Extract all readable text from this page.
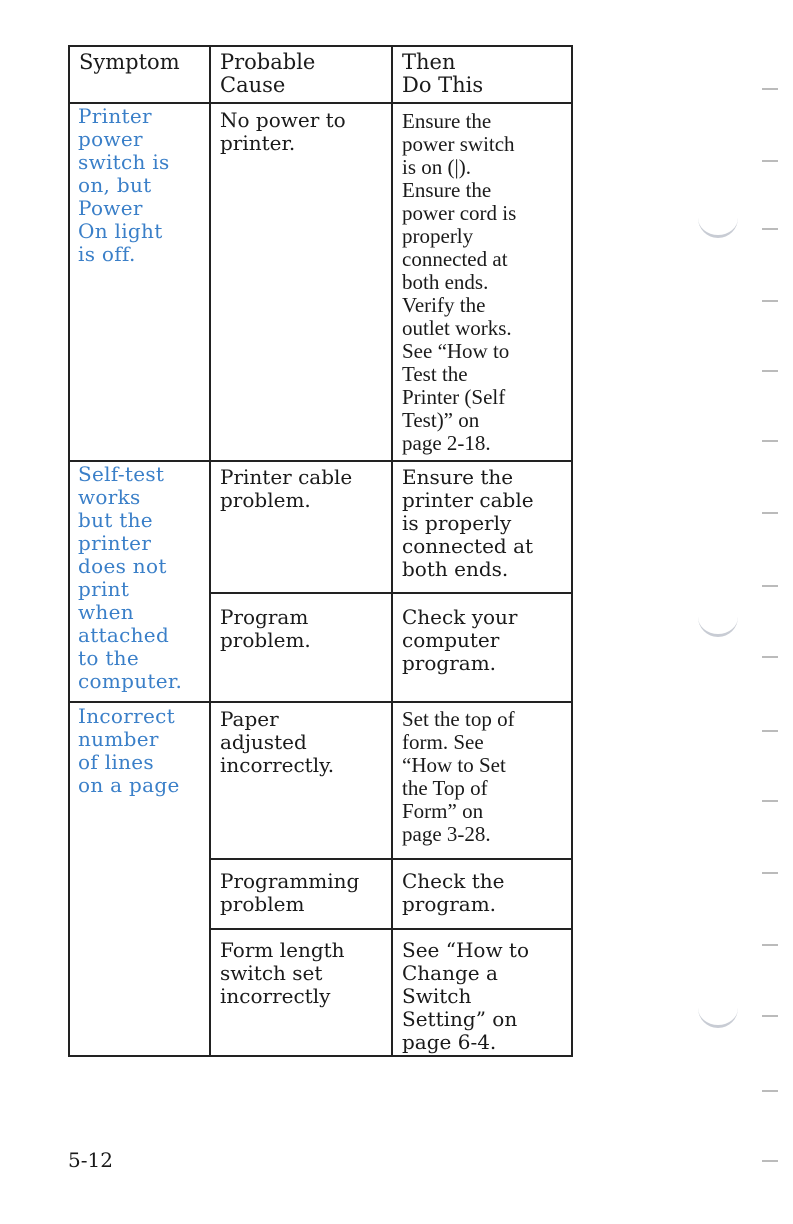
Symptom Probable
Cause

Then
Do This

Printer
power
switch is
on, but
Power
On light
is off.

No power to
printer.

Ensure the
power switch
is on (|).
Ensure the
power cord is
properly
connected at
both ends.
Verify the
outlet works.
See “How to
Test the
Printer (Self
Test)” on
page 2-18.

Self-test
works
but the
printer
does not
print
when
attached
to the
computer.

Printer cable
problem.

Ensure the
printer cable
is properly
connected at
both ends.

Program
problem.

Check your
computer
program.

Incorrect
number
of lines
on a page

Paper
adjusted
incorrectly.

Set the top of
form. See
“How to Set
the Top of
Form” on
page 3-28.

Programming
problem

Check the
program.

Form length
switch set
incorrectly

See “How to
Change a
Switch
Setting” on
page 6-4.

5-12
